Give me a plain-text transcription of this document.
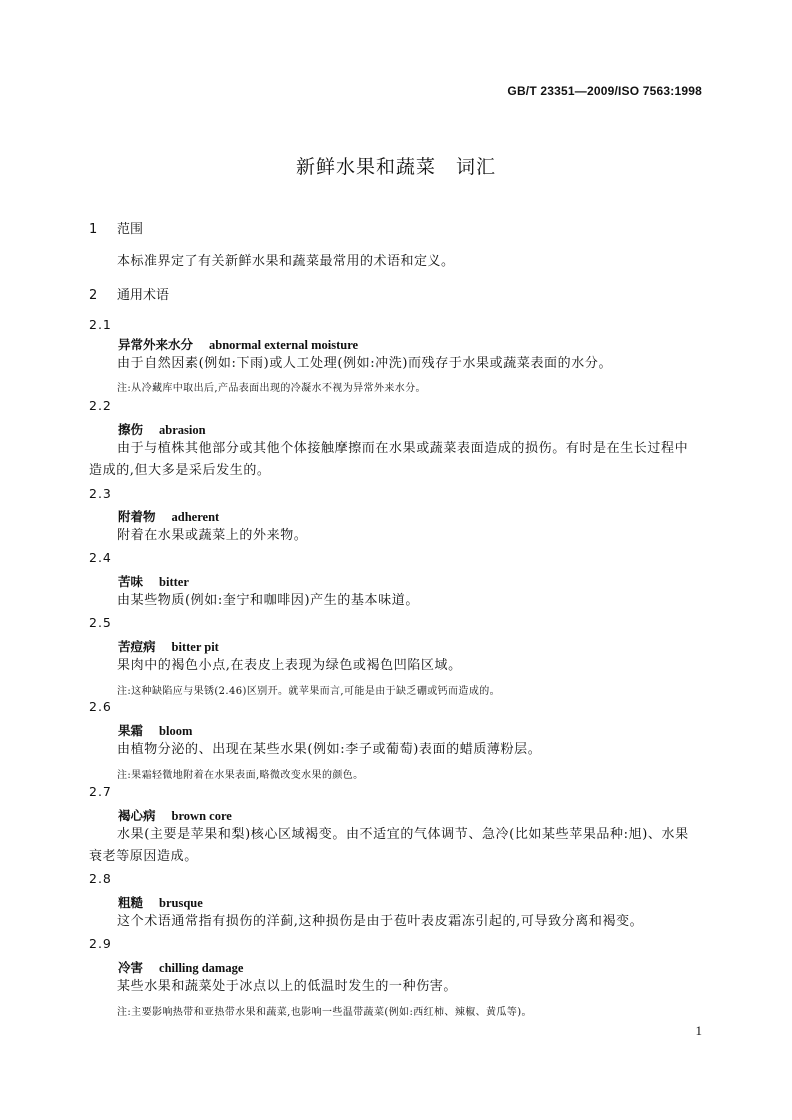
GB/T 23351—2009/ISO 7563:1998
新鲜水果和蔬菜　词汇
1 范围
本标准界定了有关新鲜水果和蔬菜最常用的术语和定义。
2 通用术语
2.1
异常外来水分 abnormal external moisture
由于自然因素(例如:下雨)或人工处理(例如:冲洗)而残存于水果或蔬菜表面的水分。
注:从冷藏库中取出后,产品表面出现的冷凝水不视为异常外来水分。
2.2
擦伤 abrasion
由于与植株其他部分或其他个体接触摩擦而在水果或蔬菜表面造成的损伤。有时是在生长过程中造成的,但大多是采后发生的。
2.3
附着物 adherent
附着在水果或蔬菜上的外来物。
2.4
苦味 bitter
由某些物质(例如:奎宁和咖啡因)产生的基本味道。
2.5
苦痘病 bitter pit
果肉中的褐色小点,在表皮上表现为绿色或褐色凹陷区域。
注:这种缺陷应与果锈(2.46)区别开。就苹果而言,可能是由于缺乏硼或钙而造成的。
2.6
果霜 bloom
由植物分泌的、出现在某些水果(例如:李子或葡萄)表面的蜡质薄粉层。
注:果霜轻微地附着在水果表面,略微改变水果的颜色。
2.7
褐心病 brown core
水果(主要是苹果和梨)核心区域褐变。由不适宜的气体调节、急冷(比如某些苹果品种:旭)、水果衰老等原因造成。
2.8
粗糙 brusque
这个术语通常指有损伤的洋蓟,这种损伤是由于苞叶表皮霜冻引起的,可导致分离和褐变。
2.9
冷害 chilling damage
某些水果和蔬菜处于冰点以上的低温时发生的一种伤害。
注:主要影响热带和亚热带水果和蔬菜,也影响一些温带蔬菜(例如:西红柿、辣椒、黄瓜等)。
1
